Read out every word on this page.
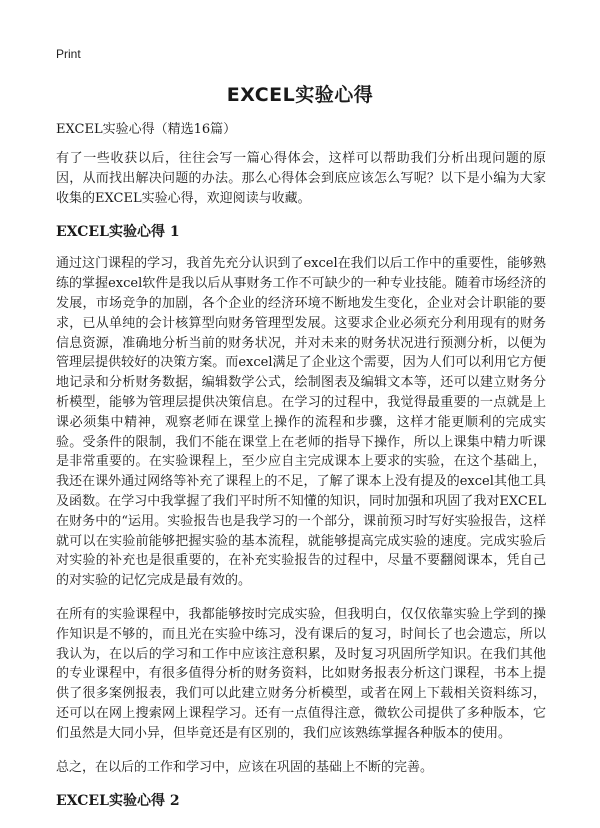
Print
EXCEL实验心得

EXCEL实验心得（精选16篇）

有了一些收获以后，往往会写一篇心得体会，这样可以帮助我们分析出现问题的原因，从而找出解决问题的办法。那么心得体会到底应该怎么写呢？以下是小编为大家收集的EXCEL实验心得，欢迎阅读与收藏。

EXCEL实验心得 1

通过这门课程的学习，我首先充分认识到了excel在我们以后工作中的重要性，能够熟练的掌握excel软件是我以后从事财务工作不可缺少的一种专业技能。随着市场经济的发展，市场竞争的加剧，各个企业的经济环境不断地发生变化，企业对会计职能的要求，已从单纯的会计核算型向财务管理型发展。这要求企业必须充分利用现有的财务信息资源，准确地分析当前的财务状况，并对未来的财务状况进行预测分析，以便为管理层提供较好的决策方案。而excel满足了企业这个需要，因为人们可以利用它方便地记录和分析财务数据，编辑数学公式，绘制图表及编辑文本等，还可以建立财务分析模型，能够为管理层提供决策信息。在学习的过程中，我觉得最重要的一点就是上课必须集中精神，观察老师在课堂上操作的流程和步骤，这样才能更顺利的完成实验。受条件的限制，我们不能在课堂上在老师的指导下操作，所以上课集中精力听课是非常重要的。在实验课程上，至少应自主完成课本上要求的实验，在这个基础上，我还在课外通过网络等补充了课程上的不足，了解了课本上没有提及的excel其他工具及函数。在学习中我掌握了我们平时所不知懂的知识，同时加强和巩固了我对EXCEL在财务中的“运用。实验报告也是我学习的一个部分，课前预习时写好实验报告，这样就可以在实验前能够把握实验的基本流程，就能够提高完成实验的速度。完成实验后对实验的补充也是很重要的，在补充实验报告的过程中，尽量不要翻阅课本，凭自己的对实验的记忆完成是最有效的。

在所有的实验课程中，我都能够按时完成实验，但我明白，仅仅依靠实验上学到的操作知识是不够的，而且光在实验中练习，没有课后的复习，时间长了也会遗忘，所以我认为，在以后的学习和工作中应该注意积累，及时复习巩固所学知识。在我们其他的专业课程中，有很多值得分析的财务资料，比如财务报表分析这门课程，书本上提供了很多案例报表，我们可以此建立财务分析模型，或者在网上下载相关资料练习，还可以在网上搜索网上课程学习。还有一点值得注意，微软公司提供了多种版本，它们虽然是大同小异，但毕竟还是有区别的，我们应该熟练掌握各种版本的使用。

总之，在以后的工作和学习中，应该在巩固的基础上不断的完善。

EXCEL实验心得 2
